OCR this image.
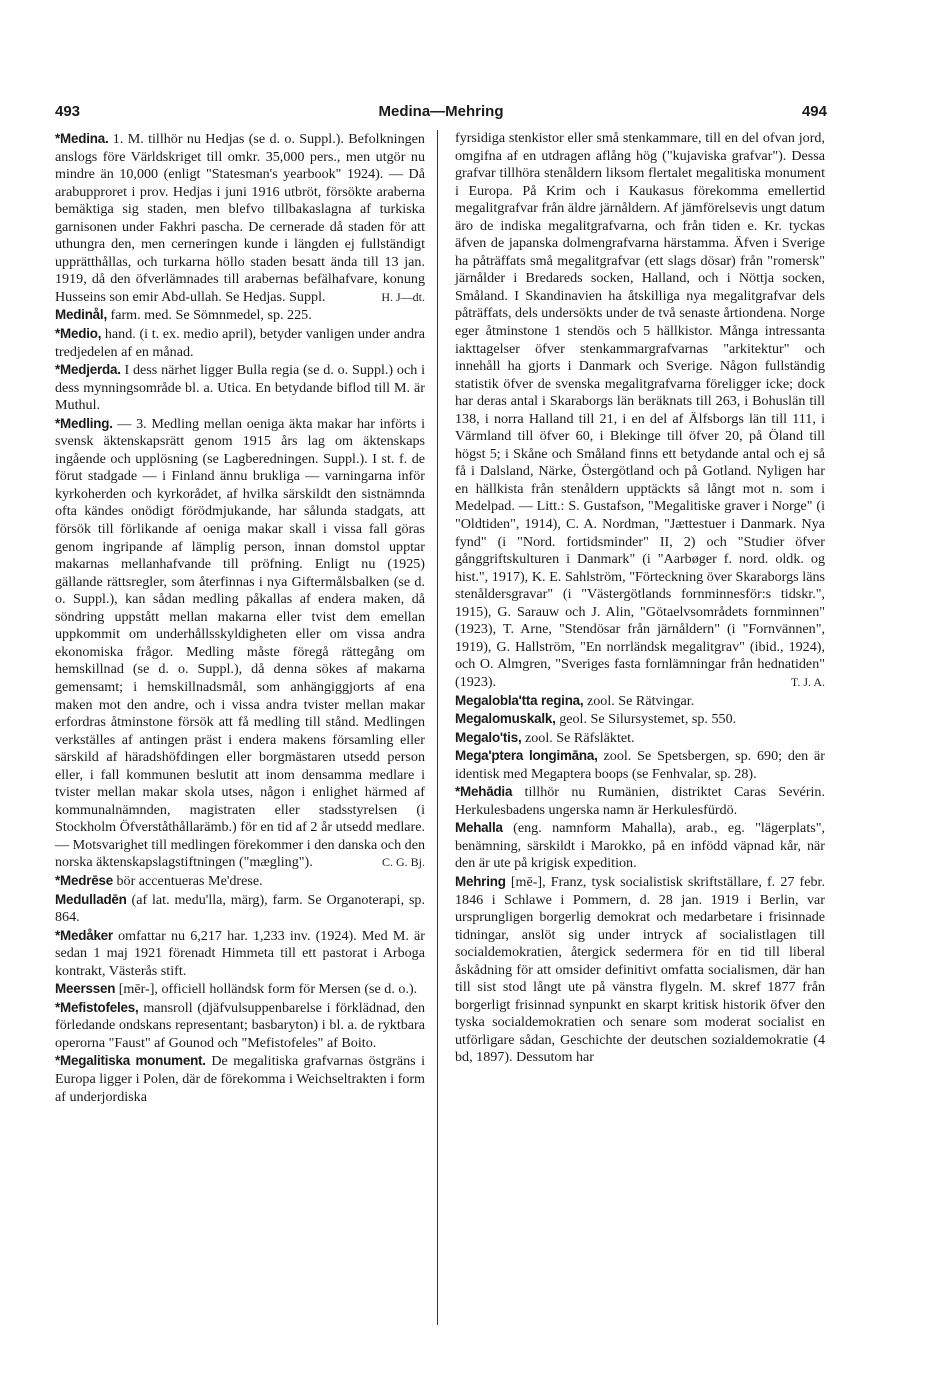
493	Medina—Mehring	494

*Medina. 1. M. tillhör nu Hedjas (se d. o. Suppl.). Befolkningen anslogs före Världskriget till omkr. 35,000 pers., men utgör nu mindre än 10,000 (enligt "Statesman's yearbook" 1924). — Då arabupproret i prov. Hedjas i juni 1916 utbröt, försökte araberna bemäktiga sig staden, men blefvo tillbakaslagna af turkiska garnisonen under Fakhri pascha. De cernerade då staden för att uthungra den, men cerneringen kunde i längden ej fullständigt upprätthållas, och turkarna höllo staden besatt ända till 13 jan. 1919, då den öfverlämnades till arabernas befälhafvare, konung Husseins son emir Abd-ullah. Se Hedjas. Suppl.	H. J—dt.

Medinål, farm. med. Se Sömnmedel, sp. 225.

*Medio, hand. (i t. ex. medio april), betyder vanligen under andra tredjedelen af en månad.

*Medjerda. I dess närhet ligger Bulla regia (se d. o. Suppl.) och i dess mynningsområde bl. a. Utica. En betydande biflod till M. är Muthul.

*Medling. — 3. Medling mellan oeniga äkta makar har införts i svensk äktenskapsrätt genom 1915 års lag om äktenskaps ingående och upplösning (se Lagberedningen. Suppl.). I st. f. de förut stadgade — i Finland ännu brukliga — varningarna inför kyrkoherden och kyrkorådet, af hvilka särskildt den sistnämnda ofta kändes onödigt förödmjukande, har sålunda stadgats, att försök till förlikande af oeniga makar skall i vissa fall göras genom ingripande af lämplig person, innan domstol upptar makarnas mellanhafvande till pröfning. Enligt nu (1925) gällande rättsregler, som återfinnas i nya Giftermålsbalken (se d. o. Suppl.), kan sådan medling påkallas af endera maken, då söndring uppstått mellan makarna eller tvist dem emellan uppkommit om underhållsskyldigheten eller om vissa andra ekonomiska frågor. Medling måste föregå rättegång om hemskillnad (se d. o. Suppl.), då denna sökes af makarna gemensamt; i hemskillnadsmål, som anhängiggjorts af ena maken mot den andre, och i vissa andra tvister mellan makar erfordras åtminstone försök att få medling till stånd. Medlingen verkställes af antingen präst i endera makens församling eller särskild af häradshöfdingen eller borgmästaren utsedd person eller, i fall kommunen beslutit att inom densamma medlare i tvister mellan makar skola utses, någon i enlighet härmed af kommunalnämnden, magistraten eller stadsstyrelsen (i Stockholm Öfverståthållarämb.) för en tid af 2 år utsedd medlare. — Motsvarighet till medlingen förekommer i den danska och den norska äktenskapslagstiftningen ("mægling").	C. G. Bj.

*Medrēse bör accentueras Me'drese.

Medulladēn (af lat. medu'lla, märg), farm. Se Organoterapi, sp. 864.

*Medåker omfattar nu 6,217 har. 1,233 inv. (1924). Med M. är sedan 1 maj 1921 förenadt Himmeta till ett pastorat i Arboga kontrakt, Västerås stift.

Meerssen [mēr-], officiell holländsk form för Mersen (se d. o.).

*Mefistofeles, mansroll (djäfvulsuppenbarelse i förklädnad, den förledande ondskans representant; basbaryton) i bl. a. de ryktbara operorna "Faust" af Gounod och "Mefistofeles" af Boito.

*Megalitiska monument. De megalitiska grafvarnas östgräns i Europa ligger i Polen, där de förekomma i Weichseltrakten i form af underjordiska

fyrsidiga stenkistor eller små stenkammare, till en del ofvan jord, omgifna af en utdragen aflång hög ("kujaviska grafvar"). Dessa grafvar tillhöra stenåldern liksom flertalet megalitiska monument i Europa. På Krim och i Kaukasus förekomma emellertid megalitgrafvar från äldre järnåldern. Af jämförelsevis ungt datum äro de indiska megalitgrafvarna, och från tiden e. Kr. tyckas äfven de japanska dolmengrafvarna härstamma. Äfven i Sverige ha påträffats små megalitgrafvar (ett slags dösar) från "romersk" järnålder i Bredareds socken, Halland, och i Nöttja socken, Småland. I Skandinavien ha åtskilliga nya megalitgrafvar dels påträffats, dels undersökts under de två senaste årtiondena. Norge eger åtminstone 1 stendös och 5 hällkistor. Många intressanta iakttagelser öfver stenkammargrafvarnas "arkitektur" och innehåll ha gjorts i Danmark och Sverige. Någon fullständig statistik öfver de svenska megalitgrafvarna föreligger icke; dock har deras antal i Skaraborgs län beräknats till 263, i Bohuslän till 138, i norra Halland till 21, i en del af Älfsborgs län till 111, i Värmland till öfver 60, i Blekinge till öfver 20, på Öland till högst 5; i Skåne och Småland finns ett betydande antal och ej så få i Dalsland, Närke, Östergötland och på Gotland. Nyligen har en hällkista från stenåldern upptäckts så långt mot n. som i Medelpad. — Litt.: S. Gustafson, "Megalitiske graver i Norge" (i "Oldtiden", 1914), C. A. Nordman, "Jættestuer i Danmark. Nya fynd" (i "Nord. fortidsminder" II, 2) och "Studier öfver gånggriftskulturen i Danmark" (i "Aarbøger f. nord. oldk. og hist.", 1917), K. E. Sahlström, "Förteckning över Skaraborgs läns stenåldersgravar" (i "Västergötlands fornminnesför:s tidskr.", 1915), G. Sarauw och J. Alin, "Götaelvsområdets fornminnen" (1923), T. Arne, "Stendösar från järnåldern" (i "Fornvännen", 1919), G. Hallström, "En norrländsk megalitgrav" (ibid., 1924), och O. Almgren, "Sveriges fasta fornlämningar från hednatiden" (1923).	T. J. A.

Megalobla'tta regina, zool. Se Rätvingar.

Megalomuskalk, geol. Se Silursystemet, sp. 550.

Megalo'tis, zool. Se Räfsläktet.

Mega'ptera longimāna, zool. Se Spetsbergen, sp. 690; den är identisk med Megaptera boops (se Fenhvalar, sp. 28).

*Mehādia tillhör nu Rumänien, distriktet Caras Sevérin. Herkulesbadens ungerska namn är Herkulesfürdö.

Mehalla (eng. namnform Mahalla), arab., eg. "lägerplats", benämning, särskildt i Marokko, på en infödd väpnad kår, när den är ute på krigisk expedition.

Mehring [mē-], Franz, tysk socialistisk skriftställare, f. 27 febr. 1846 i Schlawe i Pommern, d. 28 jan. 1919 i Berlin, var ursprungligen borgerlig demokrat och medarbetare i frisinnade tidningar, anslöt sig under intryck af socialistlagen till socialdemokratien, återgick sedermera för en tid till liberal åskådning för att omsider definitivt omfatta socialismen, där han till sist stod långt ute på vänstra flygeln. M. skref 1877 från borgerligt frisinnad synpunkt en skarpt kritisk historik öfver den tyska socialdemokratien och senare som moderat socialist en utförligare sådan, Geschichte der deutschen sozialdemokratie (4 bd, 1897). Dessutom har
